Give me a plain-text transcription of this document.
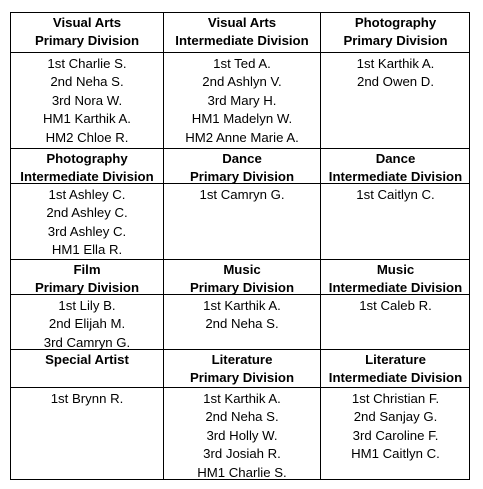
Visual Arts
Primary Division
1st Charlie S.
2nd Neha S.
3rd Nora W.
HM1 Karthik A.
HM2 Chloe R.
Visual Arts
Intermediate Division
1st Ted A.
2nd Ashlyn V.
3rd Mary H.
HM1 Madelyn W.
HM2 Anne Marie A.
Photography
Primary Division
1st Karthik A.
2nd Owen D.
Photography
Intermediate Division
1st Ashley C.
2nd Ashley C.
3rd Ashley C.
HM1 Ella R.
Dance
Primary Division
1st Camryn G.
Dance
Intermediate Division
1st Caitlyn C.
Film
Primary Division
1st Lily B.
2nd Elijah M.
3rd Camryn G.
Music
Primary Division
1st Karthik A.
2nd Neha S.
Music
Intermediate Division
1st Caleb R.
Special Artist
1st Brynn R.
Literature
Primary Division
1st Karthik A.
2nd Neha S.
3rd Holly W.
3rd Josiah R.
HM1 Charlie S.
Literature
Intermediate Division
1st Christian F.
2nd Sanjay G.
3rd Caroline F.
HM1 Caitlyn C.
